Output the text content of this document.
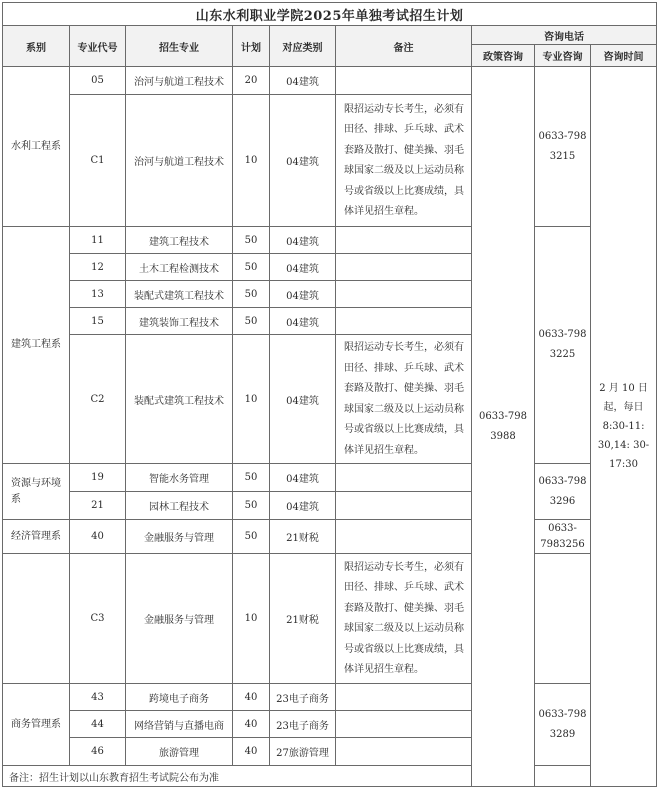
山东水利职业学院2025年单独考试招生计划								
系别	专业代号	招生专业	计划	对应类别	备注	咨询电话		
						政策咨询	专业咨询	咨询时间
水利工程系	05	治河与航道工程技术	20	04建筑		0633-798 3988	0633-798 3215	2 月 10 日 起，每日 8:30-11: 30,14: 30-17:30
	C1	治河与航道工程技术	10	04建筑	限招运动专长考生，必须有田径、排球、乒乓球、武术套路及散打、健美操、羽毛球国家二级及以上运动员称号或省级以上比赛成绩，具体详见招生章程。			
建筑工程系	11	建筑工程技术	50	04建筑			0633-798 3225	
	12	土木工程检测技术	50	04建筑				
	13	装配式建筑工程技术	50	04建筑				
	15	建筑装饰工程技术	50	04建筑				
	C2	装配式建筑工程技术	10	04建筑	限招运动专长考生，必须有田径、排球、乒乓球、武术套路及散打、健美操、羽毛球国家二级及以上运动员称号或省级以上比赛成绩，具体详见招生章程。			
资源与环境系	19	智能水务管理	50	04建筑			0633-798 3296	
	21	园林工程技术	50	04建筑				
经济管理系	40	金融服务与管理	50	21财税			0633- 7983256	
	C3	金融服务与管理	10	21财税	限招运动专长考生，必须有田径、排球、乒乓球、武术套路及散打、健美操、羽毛球国家二级及以上运动员称号或省级以上比赛成绩，具体详见招生章程。			
商务管理系	43	跨境电子商务	40	23电子商务			0633-798 3289	
	44	网络营销与直播电商	40	23电子商务				
	46	旅游管理	40	27旅游管理				
备注：招生计划以山东教育招生考试院公布为准								
